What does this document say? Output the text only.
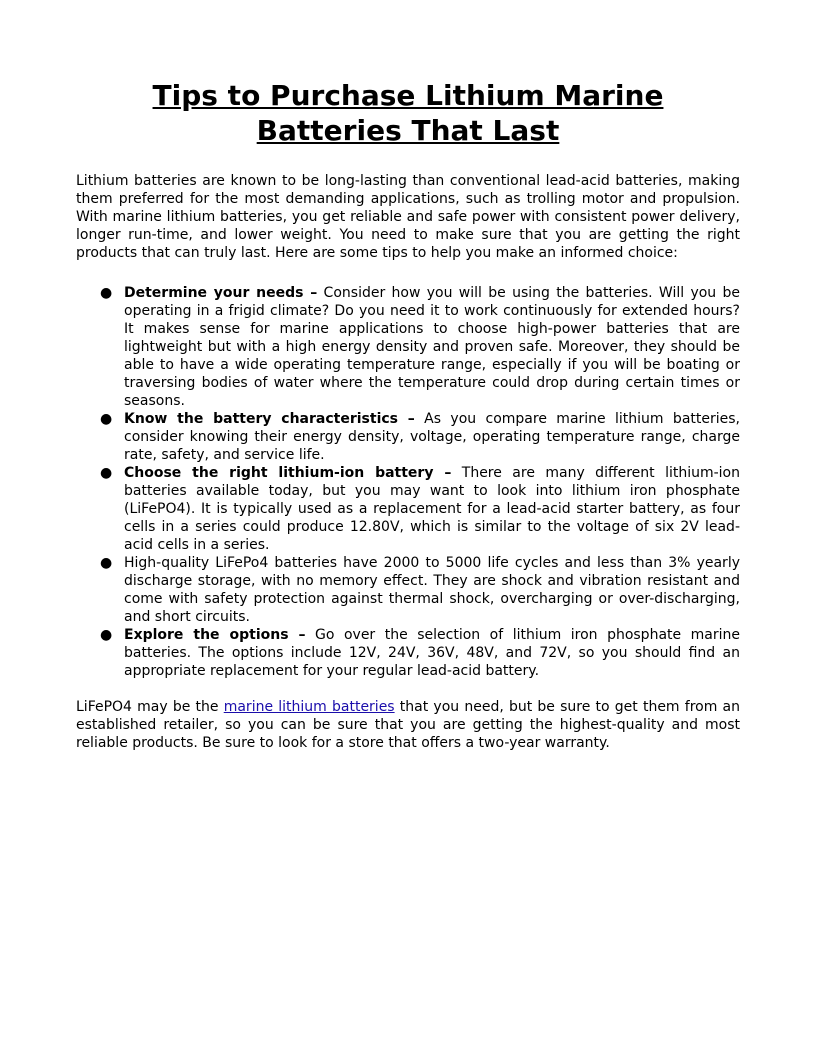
Tips to Purchase Lithium Marine
Batteries That Last

Lithium batteries are known to be long-lasting than conventional lead-acid batteries, making them preferred for the most demanding applications, such as trolling motor and propulsion. With marine lithium batteries, you get reliable and safe power with consistent power delivery, longer run-time, and lower weight. You need to make sure that you are getting the right products that can truly last. Here are some tips to help you make an informed choice:

● Determine your needs – Consider how you will be using the batteries. Will you be operating in a frigid climate? Do you need it to work continuously for extended hours? It makes sense for marine applications to choose high-power batteries that are lightweight but with a high energy density and proven safe. Moreover, they should be able to have a wide operating temperature range, especially if you will be boating or traversing bodies of water where the temperature could drop during certain times or seasons.
● Know the battery characteristics – As you compare marine lithium batteries, consider knowing their energy density, voltage, operating temperature range, charge rate, safety, and service life.
● Choose the right lithium-ion battery – There are many different lithium-ion batteries available today, but you may want to look into lithium iron phosphate (LiFePO4). It is typically used as a replacement for a lead-acid starter battery, as four cells in a series could produce 12.80V, which is similar to the voltage of six 2V lead-acid cells in a series.
● High-quality LiFePo4 batteries have 2000 to 5000 life cycles and less than 3% yearly discharge storage, with no memory effect. They are shock and vibration resistant and come with safety protection against thermal shock, overcharging or over-discharging, and short circuits.
● Explore the options – Go over the selection of lithium iron phosphate marine batteries. The options include 12V, 24V, 36V, 48V, and 72V, so you should find an appropriate replacement for your regular lead-acid battery.

LiFePO4 may be the marine lithium batteries that you need, but be sure to get them from an established retailer, so you can be sure that you are getting the highest-quality and most reliable products. Be sure to look for a store that offers a two-year warranty.
